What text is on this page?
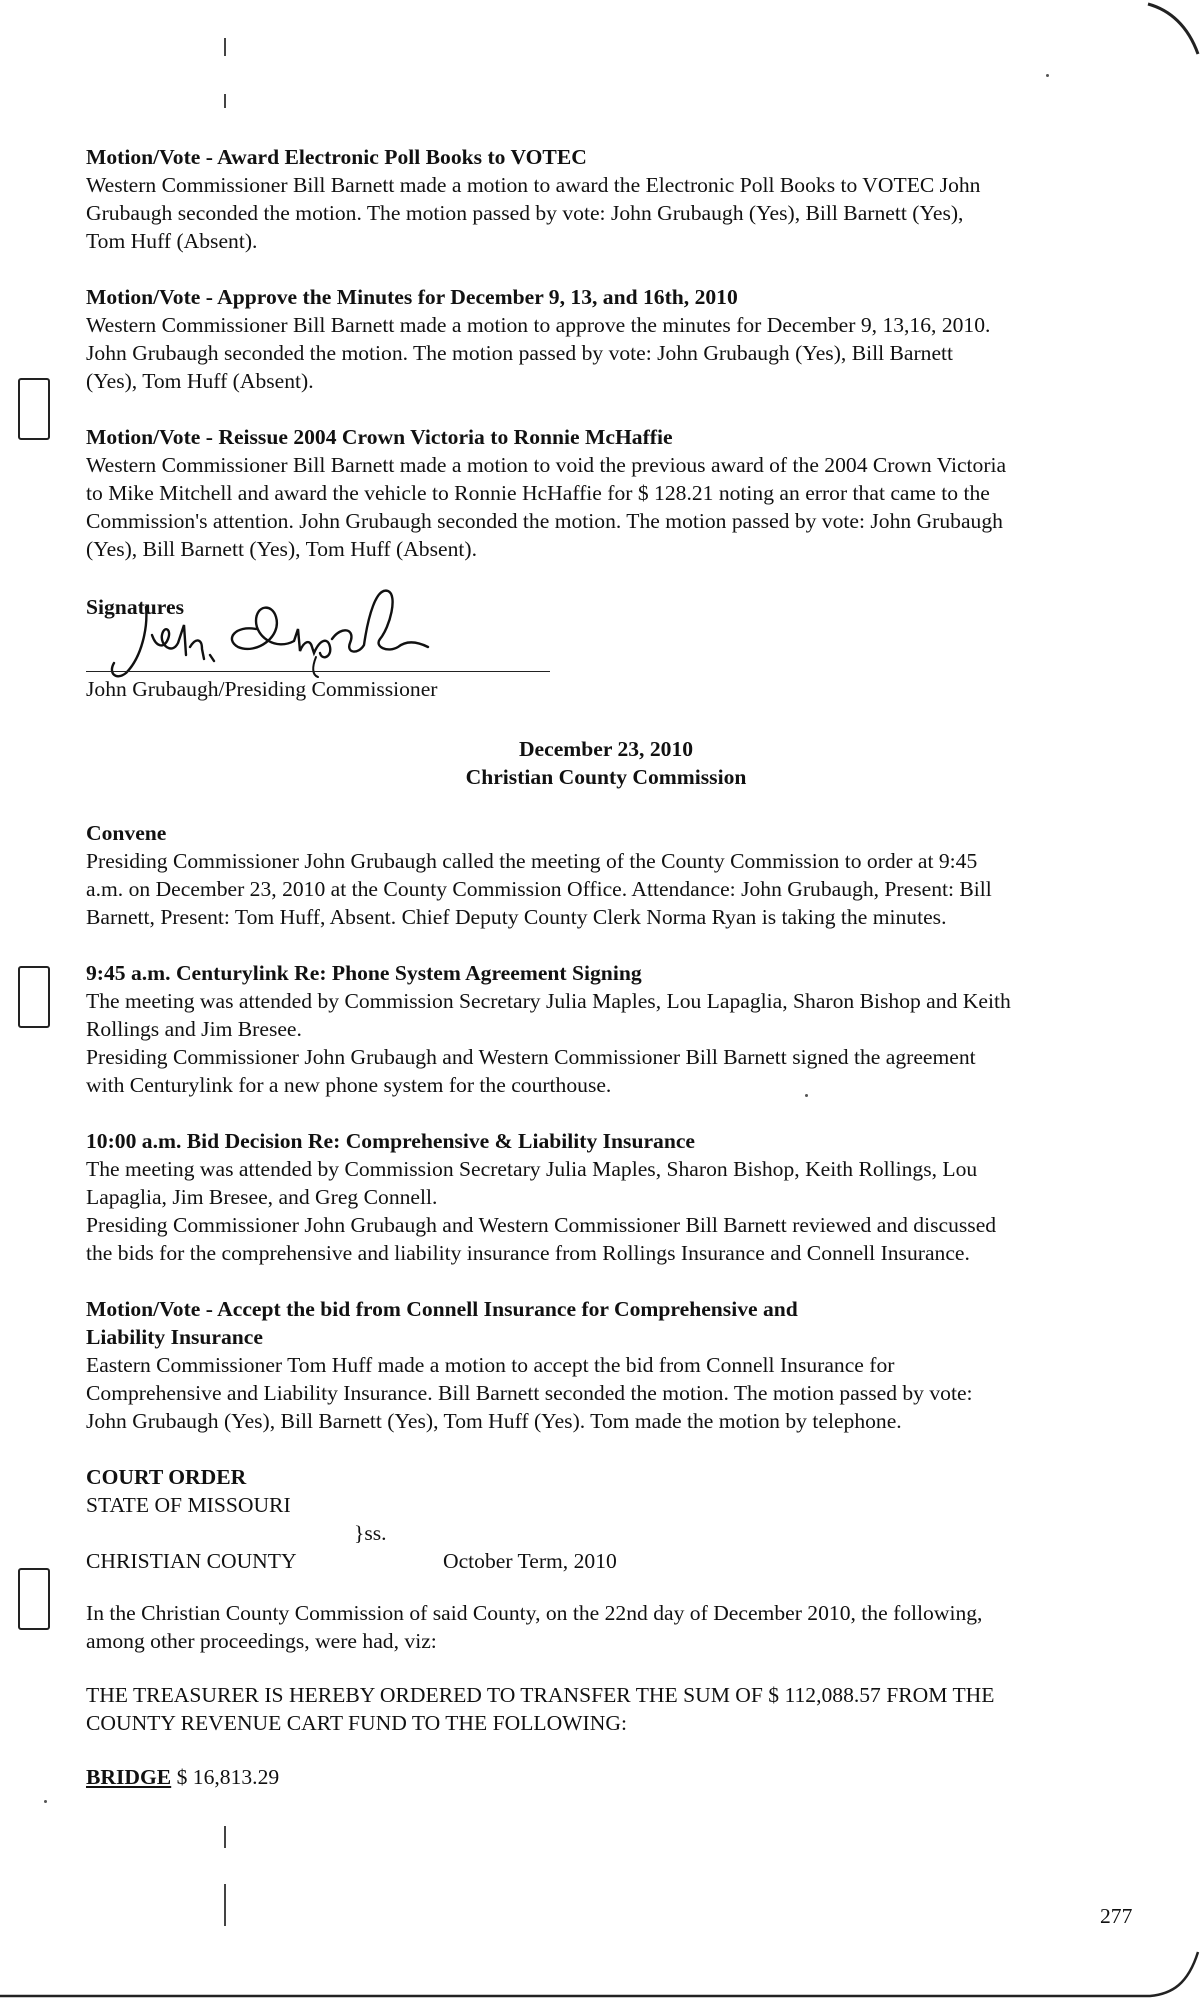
Motion/Vote - Award Electronic Poll Books to VOTEC

Western Commissioner Bill Barnett made a motion to award the Electronic Poll Books to VOTEC John

Grubaugh seconded the motion. The motion passed by vote: John Grubaugh (Yes), Bill Barnett (Yes),

Tom Huff (Absent).

Motion/Vote - Approve the Minutes for December 9, 13, and 16th, 2010

Western Commissioner Bill Barnett made a motion to approve the minutes for December 9, 13,16, 2010.

John Grubaugh seconded the motion. The motion passed by vote: John Grubaugh (Yes), Bill Barnett

(Yes), Tom Huff (Absent).

Motion/Vote - Reissue 2004 Crown Victoria to Ronnie McHaffie

Western Commissioner Bill Barnett made a motion to void the previous award of the 2004 Crown Victoria

to Mike Mitchell and award the vehicle to Ronnie HcHaffie for $ 128.21 noting an error that came to the

Commission's attention. John Grubaugh seconded the motion. The motion passed by vote: John Grubaugh

(Yes), Bill Barnett (Yes), Tom Huff (Absent).

Signatures
John Grubaugh/Presiding Commissioner
December 23, 2010
Christian County Commission

Convene

Presiding Commissioner John Grubaugh called the meeting of the County Commission to order at 9:45

a.m. on December 23, 2010 at the County Commission Office. Attendance: John Grubaugh, Present: Bill

Barnett, Present: Tom Huff, Absent. Chief Deputy County Clerk Norma Ryan is taking the minutes.

9:45 a.m. Centurylink Re: Phone System Agreement Signing

The meeting was attended by Commission Secretary Julia Maples, Lou Lapaglia, Sharon Bishop and Keith

Rollings and Jim Bresee.

Presiding Commissioner John Grubaugh and Western Commissioner Bill Barnett signed the agreement

with Centurylink for a new phone system for the courthouse.

10:00 a.m. Bid Decision Re: Comprehensive & Liability Insurance

The meeting was attended by Commission Secretary Julia Maples, Sharon Bishop, Keith Rollings, Lou

Lapaglia, Jim Bresee, and Greg Connell.

Presiding Commissioner John Grubaugh and Western Commissioner Bill Barnett reviewed and discussed

the bids for the comprehensive and liability insurance from Rollings Insurance and Connell Insurance.

Motion/Vote - Accept the bid from Connell Insurance for Comprehensive and

Liability Insurance

Eastern Commissioner Tom Huff made a motion to accept the bid from Connell Insurance for

Comprehensive and Liability Insurance. Bill Barnett seconded the motion. The motion passed by vote:

John Grubaugh (Yes), Bill Barnett (Yes), Tom Huff (Yes). Tom made the motion by telephone.

COURT ORDER

STATE OF MISSOURI

}ss.
CHRISTIAN COUNTY	October Term, 2010

In the Christian County Commission of said County, on the 22nd day of December 2010, the following,

among other proceedings, were had, viz:

THE TREASURER IS HEREBY ORDERED TO TRANSFER THE SUM OF $ 112,088.57 FROM THE

COUNTY REVENUE CART FUND TO THE FOLLOWING:

BRIDGE $ 16,813.29

277
